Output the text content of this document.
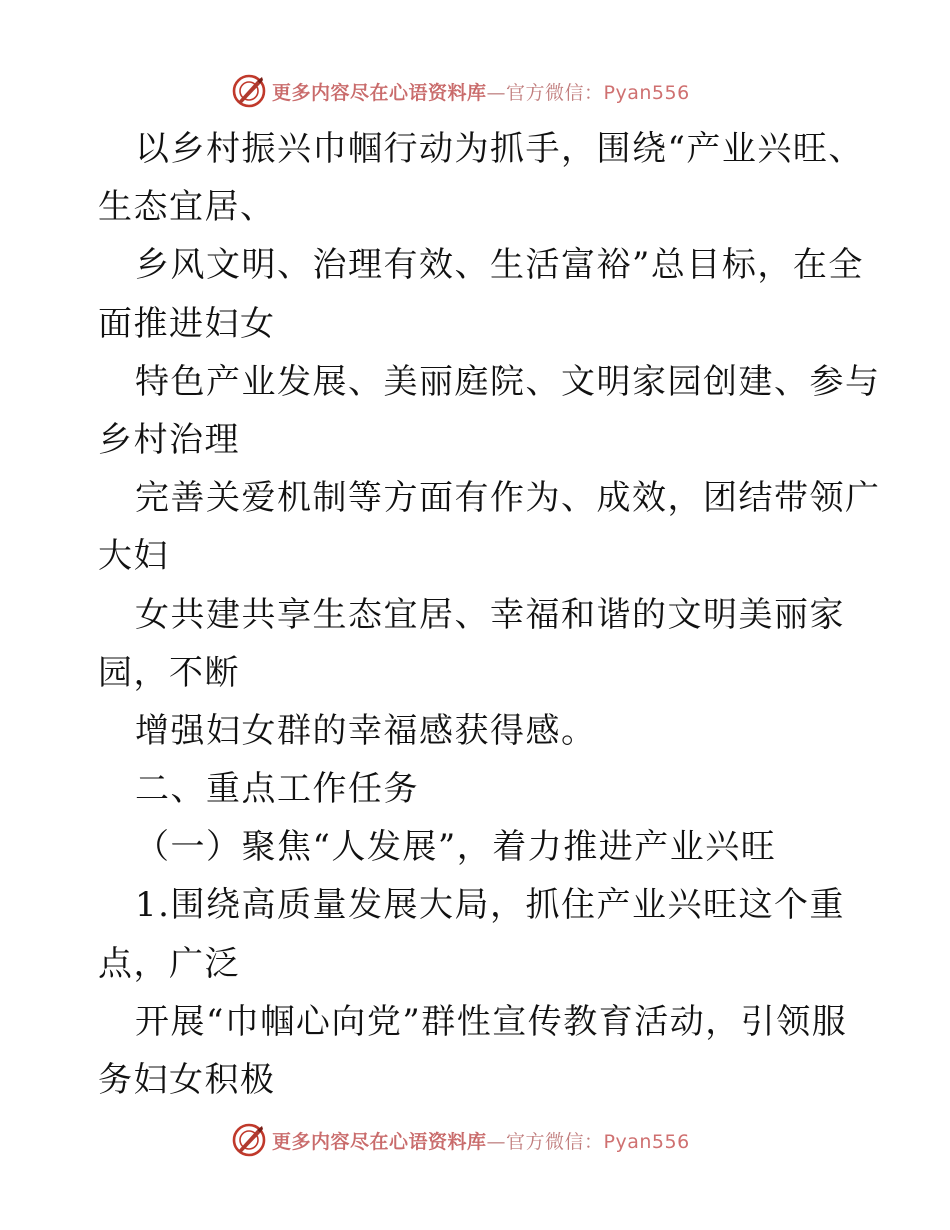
更多内容尽在心语资料库—官方微信：Pyan556
以乡村振兴巾帼行动为抓手，围绕“产业兴旺、
生态宜居、
乡风文明、治理有效、生活富裕”总目标，在全
面推进妇女
特色产业发展、美丽庭院、文明家园创建、参与
乡村治理
完善关爱机制等方面有作为、成效，团结带领广
大妇
女共建共享生态宜居、幸福和谐的文明美丽家
园，不断
增强妇女群的幸福感获得感。
二、重点工作任务
（一）聚焦“人发展”，着力推进产业兴旺
1.围绕高质量发展大局，抓住产业兴旺这个重
点，广泛
开展“巾帼心向党”群性宣传教育活动，引领服
务妇女积极
更多内容尽在心语资料库—官方微信：Pyan556
